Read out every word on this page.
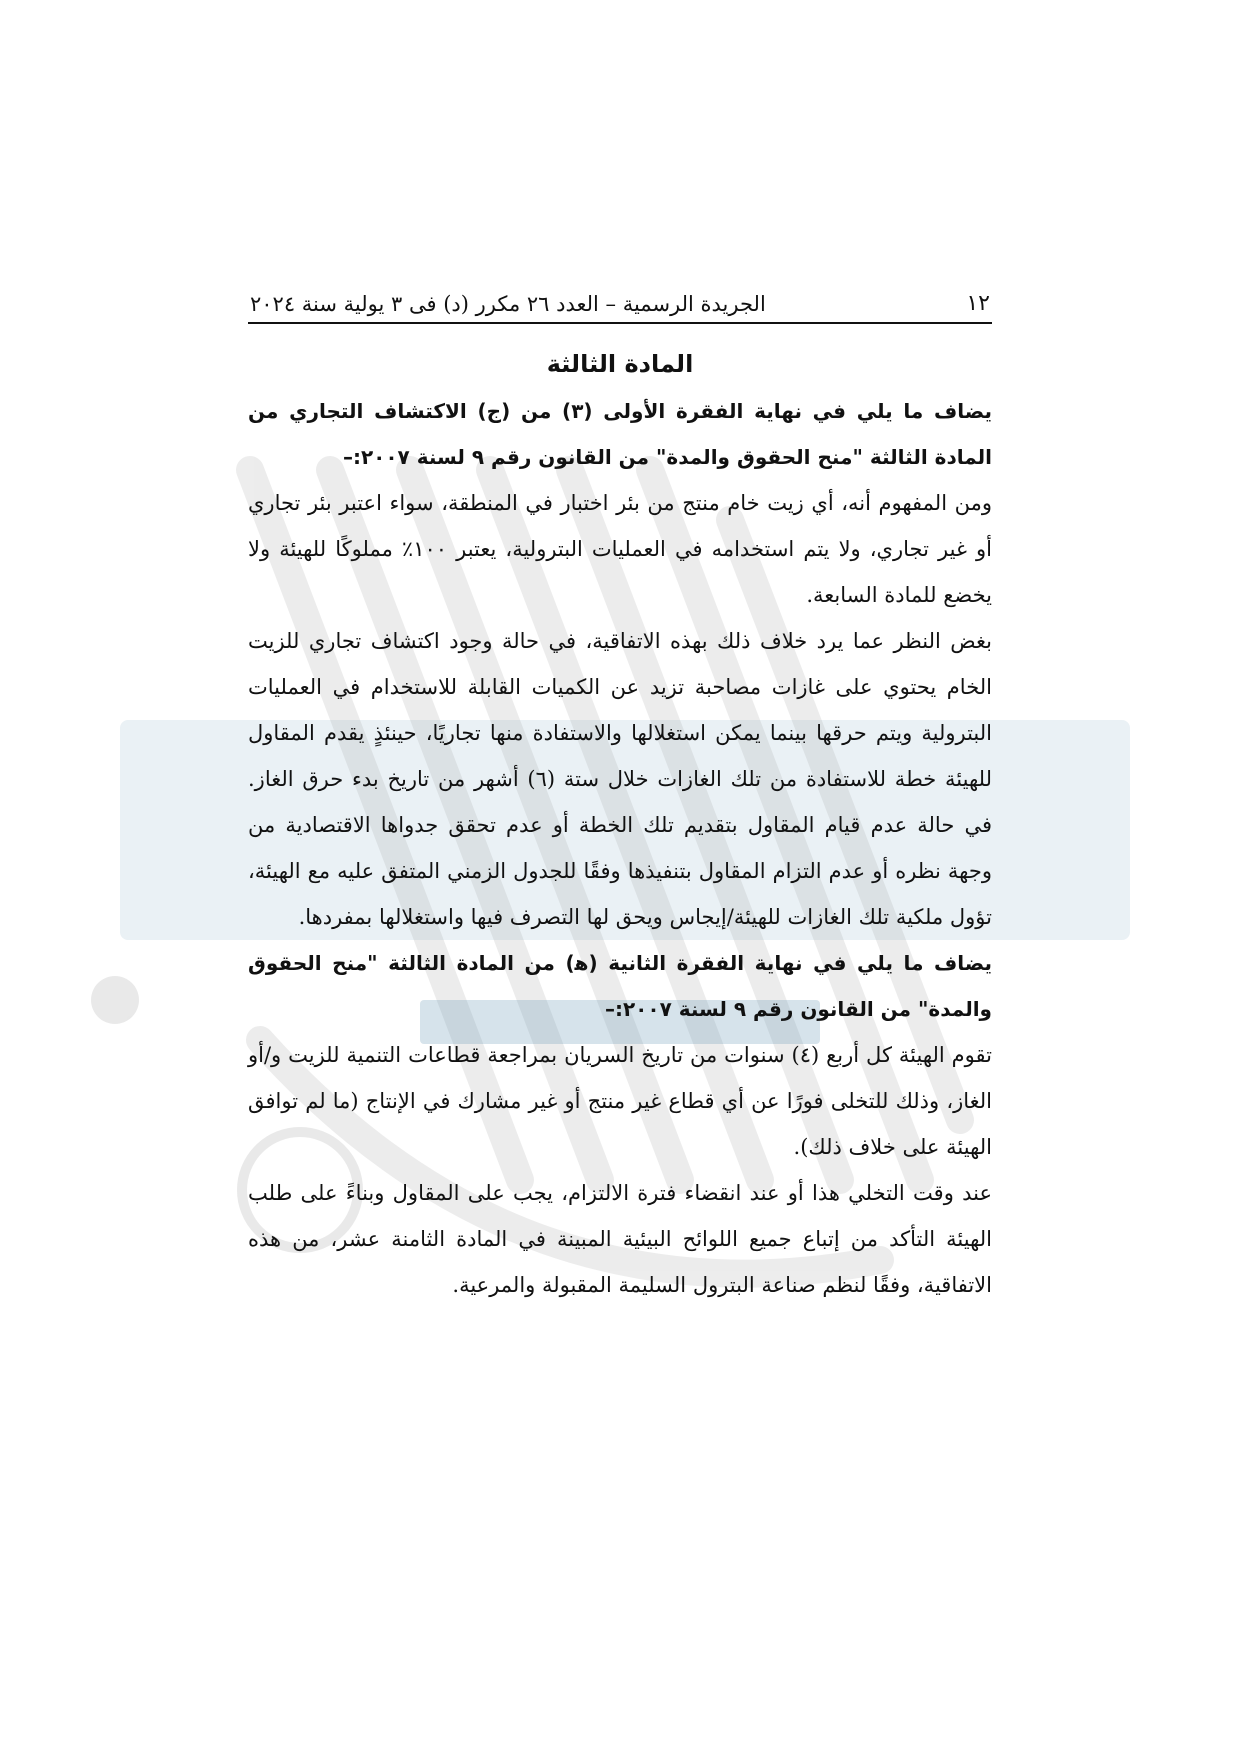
١٢
الجريدة الرسمية – العدد ٢٦ مكرر (د) فى ٣ يولية سنة ٢٠٢٤
المادة الثالثة

يضاف ما يلي في نهاية الفقرة الأولى (٣) من (ج) الاكتشاف التجاري من المادة الثالثة "منح الحقوق والمدة" من القانون رقم ٩ لسنة ٢٠٠٧:–

ومن المفهوم أنه، أي زيت خام منتج من بئر اختبار في المنطقة، سواء اعتبر بئر تجاري أو غير تجاري، ولا يتم استخدامه في العمليات البترولية، يعتبر ١٠٠٪ مملوكًا للهيئة ولا يخضع للمادة السابعة.

بغض النظر عما يرد خلاف ذلك بهذه الاتفاقية، في حالة وجود اكتشاف تجاري للزيت الخام يحتوي على غازات مصاحبة تزيد عن الكميات القابلة للاستخدام في العمليات البترولية ويتم حرقها بينما يمكن استغلالها والاستفادة منها تجاريًا، حينئذٍ يقدم المقاول للهيئة خطة للاستفادة من تلك الغازات خلال ستة (٦) أشهر من تاريخ بدء حرق الغاز. في حالة عدم قيام المقاول بتقديم تلك الخطة أو عدم تحقق جدواها الاقتصادية من وجهة نظره أو عدم التزام المقاول بتنفيذها وفقًا للجدول الزمني المتفق عليه مع الهيئة، تؤول ملكية تلك الغازات للهيئة/إيجاس ويحق لها التصرف فيها واستغلالها بمفردها.

يضاف ما يلي في نهاية الفقرة الثانية (ﻫ) من المادة الثالثة "منح الحقوق والمدة" من القانون رقم ٩ لسنة ٢٠٠٧:–

تقوم الهيئة كل أربع (٤) سنوات من تاريخ السريان بمراجعة قطاعات التنمية للزيت و/أو الغاز، وذلك للتخلى فورًا عن أي قطاع غير منتج أو غير مشارك في الإنتاج (ما لم توافق الهيئة على خلاف ذلك).

عند وقت التخلي هذا أو عند انقضاء فترة الالتزام، يجب على المقاول وبناءً على طلب الهيئة التأكد من إتباع جميع اللوائح البيئية المبينة في المادة الثامنة عشر، من هذه الاتفاقية، وفقًا لنظم صناعة البترول السليمة المقبولة والمرعية.
